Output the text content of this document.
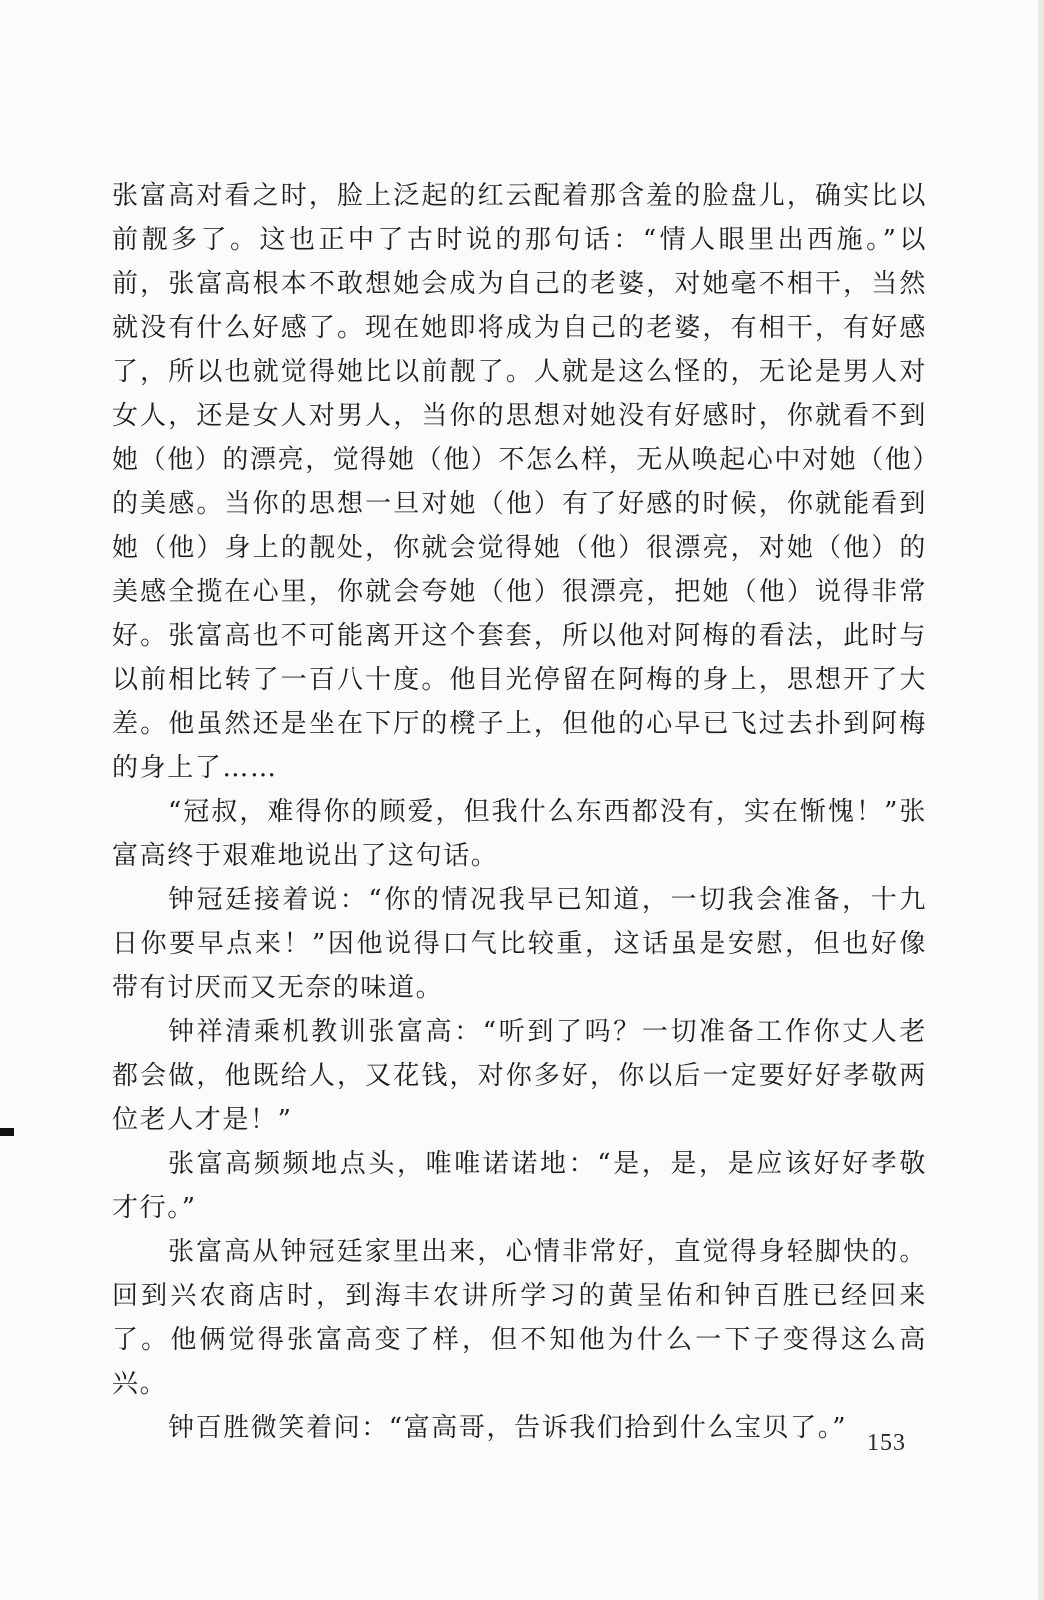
张富高对看之时，脸上泛起的红云配着那含羞的脸盘儿，确实比以前靓多了。这也正中了古时说的那句话：“情人眼里出西施。”以前，张富高根本不敢想她会成为自己的老婆，对她毫不相干，当然就没有什么好感了。现在她即将成为自己的老婆，有相干，有好感了，所以也就觉得她比以前靓了。人就是这么怪的，无论是男人对女人，还是女人对男人，当你的思想对她没有好感时，你就看不到她（他）的漂亮，觉得她（他）不怎么样，无从唤起心中对她（他）的美感。当你的思想一旦对她（他）有了好感的时候，你就能看到她（他）身上的靓处，你就会觉得她（他）很漂亮，对她（他）的美感全揽在心里，你就会夸她（他）很漂亮，把她（他）说得非常好。张富高也不可能离开这个套套，所以他对阿梅的看法，此时与以前相比转了一百八十度。他目光停留在阿梅的身上，思想开了大差。他虽然还是坐在下厅的櫈子上，但他的心早已飞过去扑到阿梅的身上了……

“冠叔，难得你的顾爱，但我什么东西都没有，实在惭愧！”张富高终于艰难地说出了这句话。

钟冠廷接着说：“你的情况我早已知道，一切我会准备，十九日你要早点来！”因他说得口气比较重，这话虽是安慰，但也好像带有讨厌而又无奈的味道。

钟祥清乘机教训张富高：“听到了吗？一切准备工作你丈人老都会做，他既给人，又花钱，对你多好，你以后一定要好好孝敬两位老人才是！”

张富高频频地点头，唯唯诺诺地：“是，是，是应该好好孝敬才行。”

张富高从钟冠廷家里出来，心情非常好，直觉得身轻脚快的。回到兴农商店时，到海丰农讲所学习的黄呈佑和钟百胜已经回来了。他俩觉得张富高变了样，但不知他为什么一下子变得这么高兴。

钟百胜微笑着问：“富高哥，告诉我们拾到什么宝贝了。” 153
